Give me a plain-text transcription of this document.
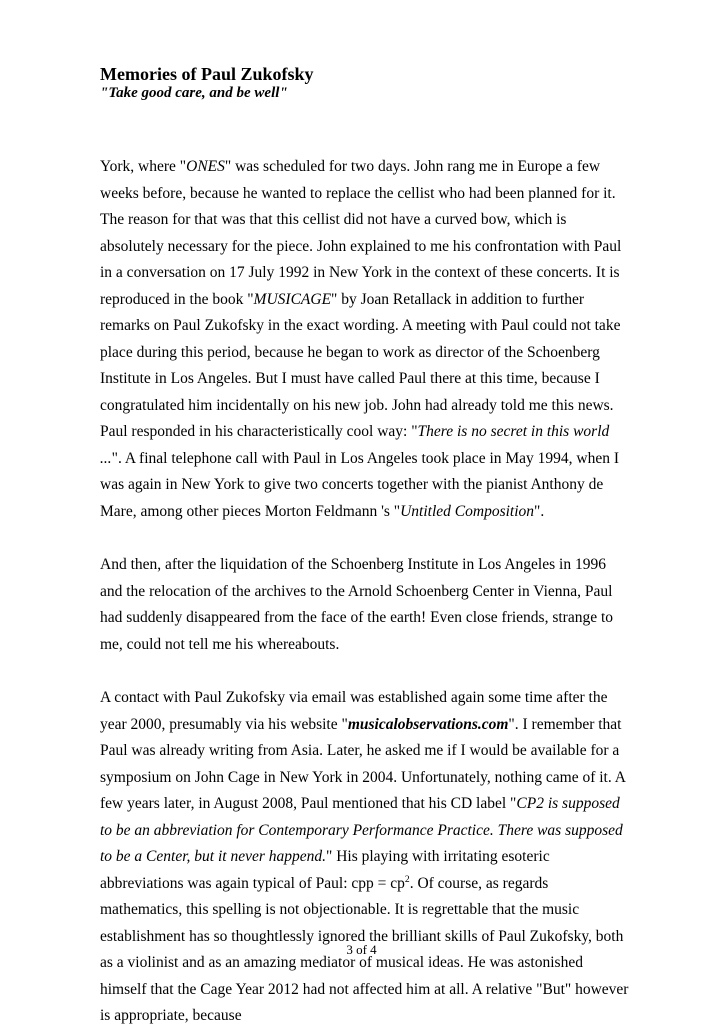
Memories of Paul Zukofsky
"Take good care, and be well"

York, where "ONES" was scheduled for two days. John rang me in Europe a few weeks before, because he wanted to replace the cellist who had been planned for it. The reason for that was that this cellist did not have a curved bow, which is absolutely necessary for the piece. John explained to me his confrontation with Paul in a conversation on 17 July 1992 in New York in the context of these concerts. It is reproduced in the book "MUSICAGE" by Joan Retallack in addition to further remarks on Paul Zukofsky in the exact wording. A meeting with Paul could not take place during this period, because he began to work as director of the Schoenberg Institute in Los Angeles. But I must have called Paul there at this time, because I congratulated him incidentally on his new job. John had already told me this news. Paul responded in his characteristically cool way: "There is no secret in this world ...". A final telephone call with Paul in Los Angeles took place in May 1994, when I was again in New York to give two concerts together with the pianist Anthony de Mare, among other pieces Morton Feldmann 's "Untitled Composition".

And then, after the liquidation of the Schoenberg Institute in Los Angeles in 1996 and the relocation of the archives to the Arnold Schoenberg Center in Vienna, Paul had suddenly disappeared from the face of the earth! Even close friends, strange to me, could not tell me his whereabouts.

A contact with Paul Zukofsky via email was established again some time after the year 2000, presumably via his website "musicalobservations.com". I remember that Paul was already writing from Asia. Later, he asked me if I would be available for a symposium on John Cage in New York in 2004. Unfortunately, nothing came of it. A few years later, in August 2008, Paul mentioned that his CD label "CP2 is supposed to be an abbreviation for Contemporary Performance Practice. There was supposed to be a Center, but it never happend." His playing with irritating esoteric abbreviations was again typical of Paul: cpp = $cp^2$. Of course, as regards mathematics, this spelling is not objectionable. It is regrettable that the music establishment has so thoughtlessly ignored the brilliant skills of Paul Zukofsky, both as a violinist and as an amazing mediator of musical ideas. He was astonished himself that the Cage Year 2012 had not affected him at all. A relative "But" however is appropriate, because

3 of 4
